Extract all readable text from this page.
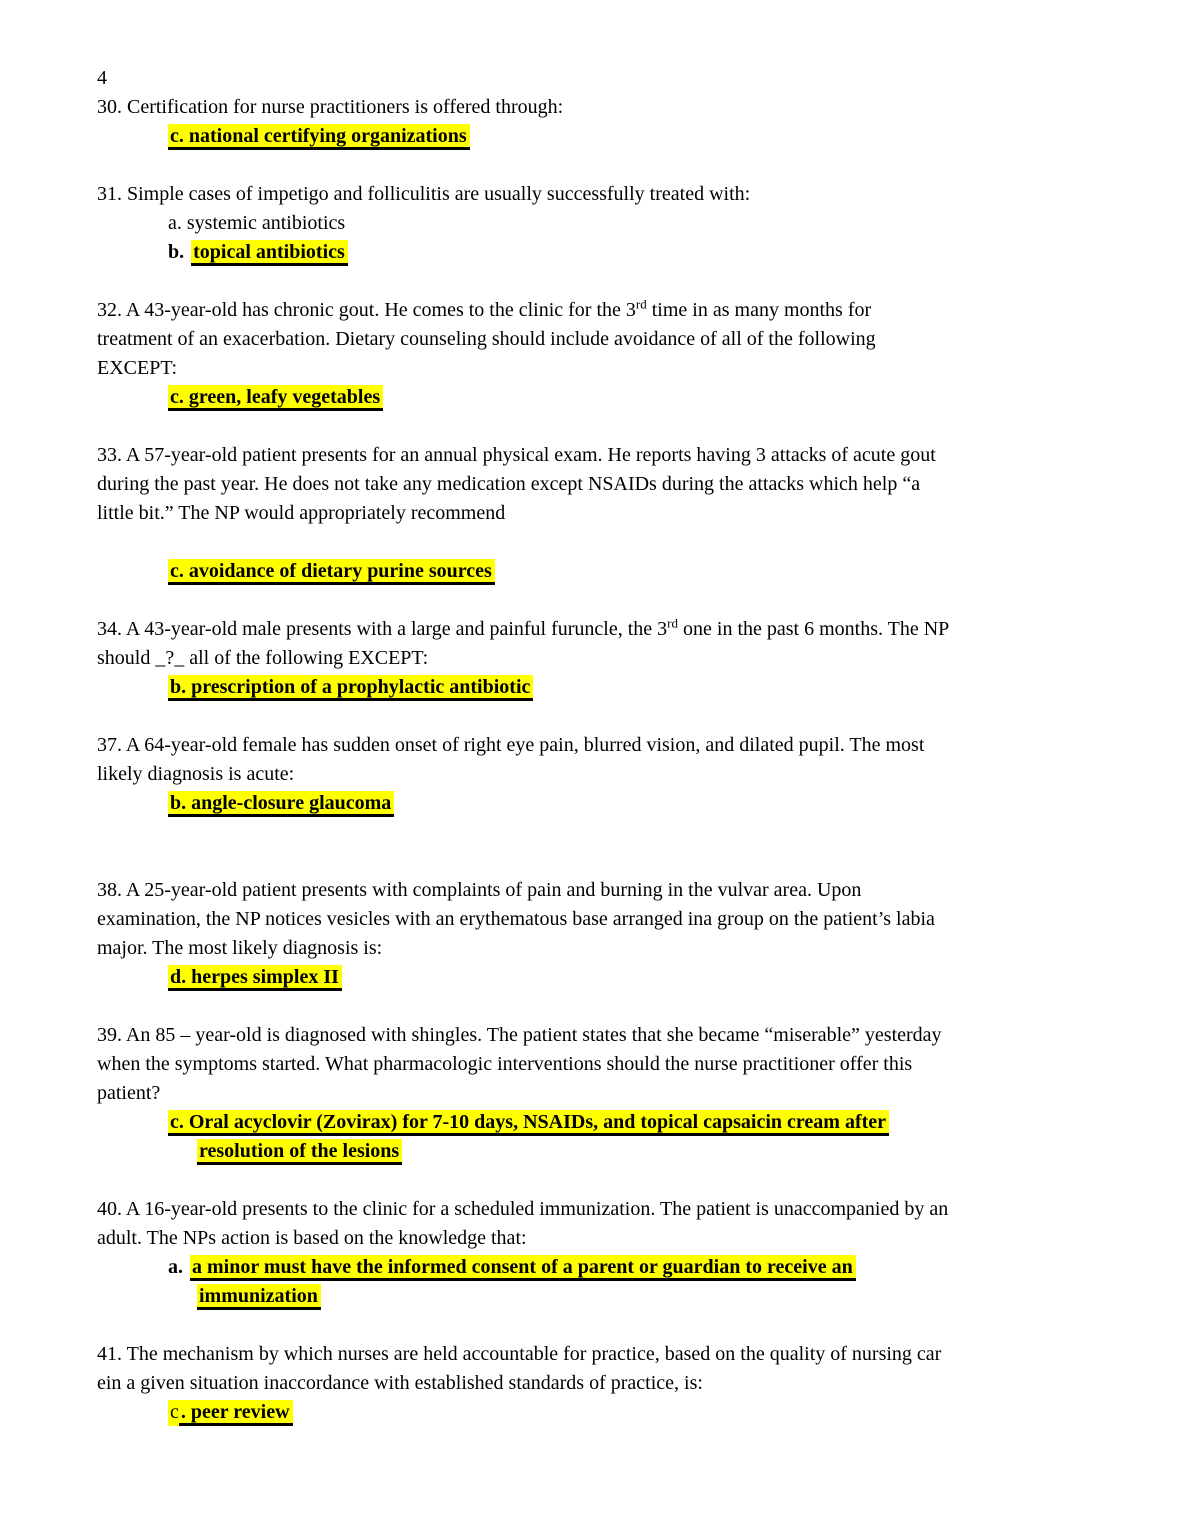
4
30. Certification for nurse practitioners is offered through:
c. national certifying organizations
31. Simple cases of impetigo and folliculitis are usually successfully treated with:
a. systemic antibiotics
b. topical antibiotics
32. A 43-year-old has chronic gout. He comes to the clinic for the 3rd time in as many months for
treatment of an exacerbation. Dietary counseling should include avoidance of all of the following
EXCEPT:
c. green, leafy vegetables
33. A 57-year-old patient presents for an annual physical exam. He reports having 3 attacks of acute gout
during the past year. He does not take any medication except NSAIDs during the attacks which help “a
little bit.” The NP would appropriately recommend
c. avoidance of dietary purine sources
34. A 43-year-old male presents with a large and painful furuncle, the 3rd one in the past 6 months. The NP
should _?_ all of the following EXCEPT:
b. prescription of a prophylactic antibiotic
37. A 64-year-old female has sudden onset of right eye pain, blurred vision, and dilated pupil. The most
likely diagnosis is acute:
b. angle-closure glaucoma
38. A 25-year-old patient presents with complaints of pain and burning in the vulvar area. Upon
examination, the NP notices vesicles with an erythematous base arranged ina group on the patient’s labia
major. The most likely diagnosis is:
d. herpes simplex II
39. An 85 – year-old is diagnosed with shingles. The patient states that she became “miserable” yesterday
when the symptoms started. What pharmacologic interventions should the nurse practitioner offer this
patient?
c. Oral acyclovir (Zovirax) for 7-10 days, NSAIDs, and topical capsaicin cream after
resolution of the lesions
40. A 16-year-old presents to the clinic for a scheduled immunization. The patient is unaccompanied by an
adult. The NPs action is based on the knowledge that:
a. a minor must have the informed consent of a parent or guardian to receive an
immunization
41. The mechanism by which nurses are held accountable for practice, based on the quality of nursing car
ein a given situation inaccordance with established standards of practice, is:
c . peer review
